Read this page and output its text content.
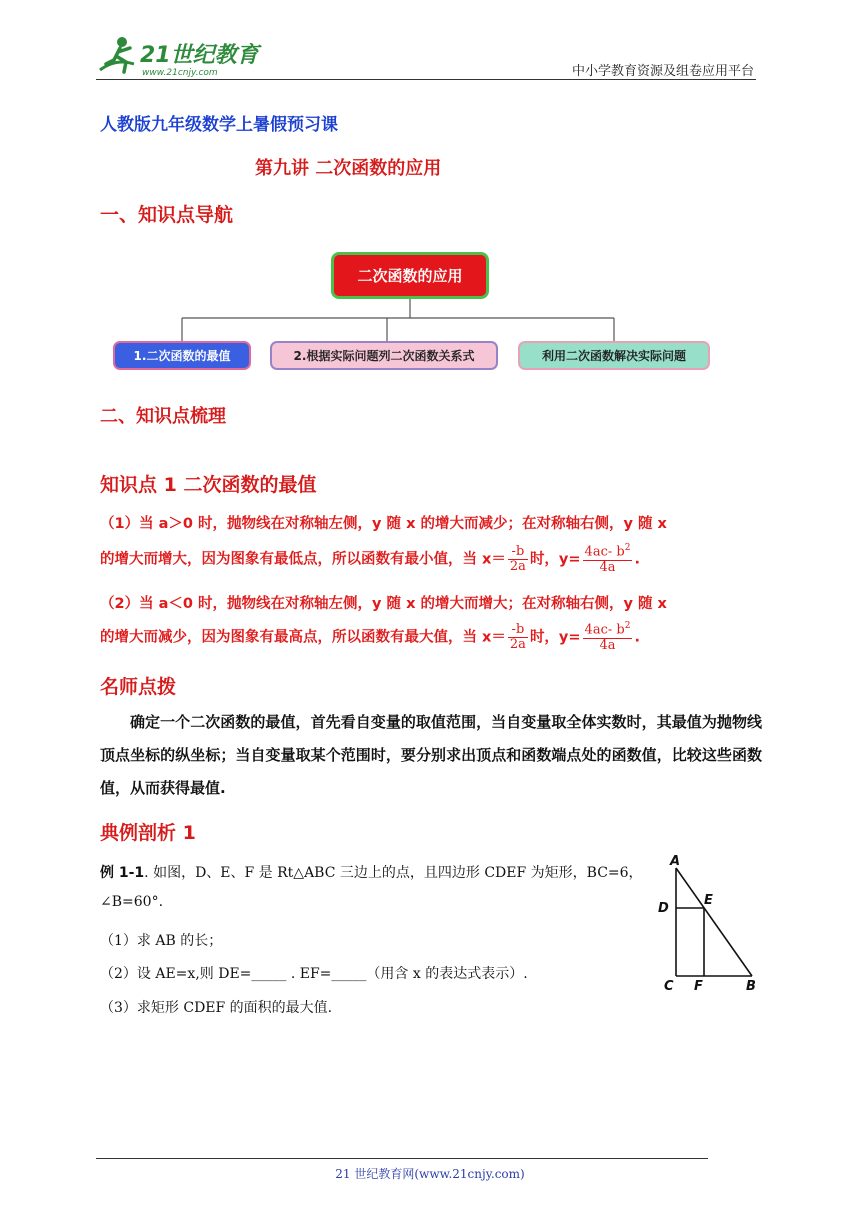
21世纪教育
www.21cnjy.com	中小学教育资源及组卷应用平台
人教版九年级数学上暑假预习课
第九讲 二次函数的应用
一、知识点导航
二次函数的应用
1.二次函数的最值	2.根据实际问题列二次函数关系式	利用二次函数解决实际问题
二、知识点梳理
知识点 1 二次函数的最值
（1）当 a＞0 时，抛物线在对称轴左侧，y 随 x 的增大而减少；在对称轴右侧，y 随 x
的增大而增大，因为图象有最低点，所以函数有最小值，当 $x= \frac{-b}{2a}$ 时，$y= \frac{4ac- b^2}{4a}$ .
（2）当 a＜0 时，抛物线在对称轴左侧，y 随 x 的增大而增大；在对称轴右侧，y 随 x
的增大而减少，因为图象有最高点，所以函数有最大值，当 $x= \frac{-b}{2a}$ 时，$y= \frac{4ac- b^2}{4a}$ .
名师点拨
确定一个二次函数的最值，首先看自变量的取值范围，当自变量取全体实数时，其最值为抛物线顶点坐标的纵坐标；当自变量取某个范围时，要分别求出顶点和函数端点处的函数值，比较这些函数值，从而获得最值.
典例剖析 1
例 1-1. 如图，D、E、F 是 Rt△ABC 三边上的点，且四边形 CDEF 为矩形，BC=6，
∠B=60°.
（1）求 AB 的长；
（2）设 AE=x,则 DE=_____ . EF=_____（用含 x 的表达式表示）.
（3）求矩形 CDEF 的面积的最大值.
A
D
E
C F	B
21 世纪教育网(www.21cnjy.com)
